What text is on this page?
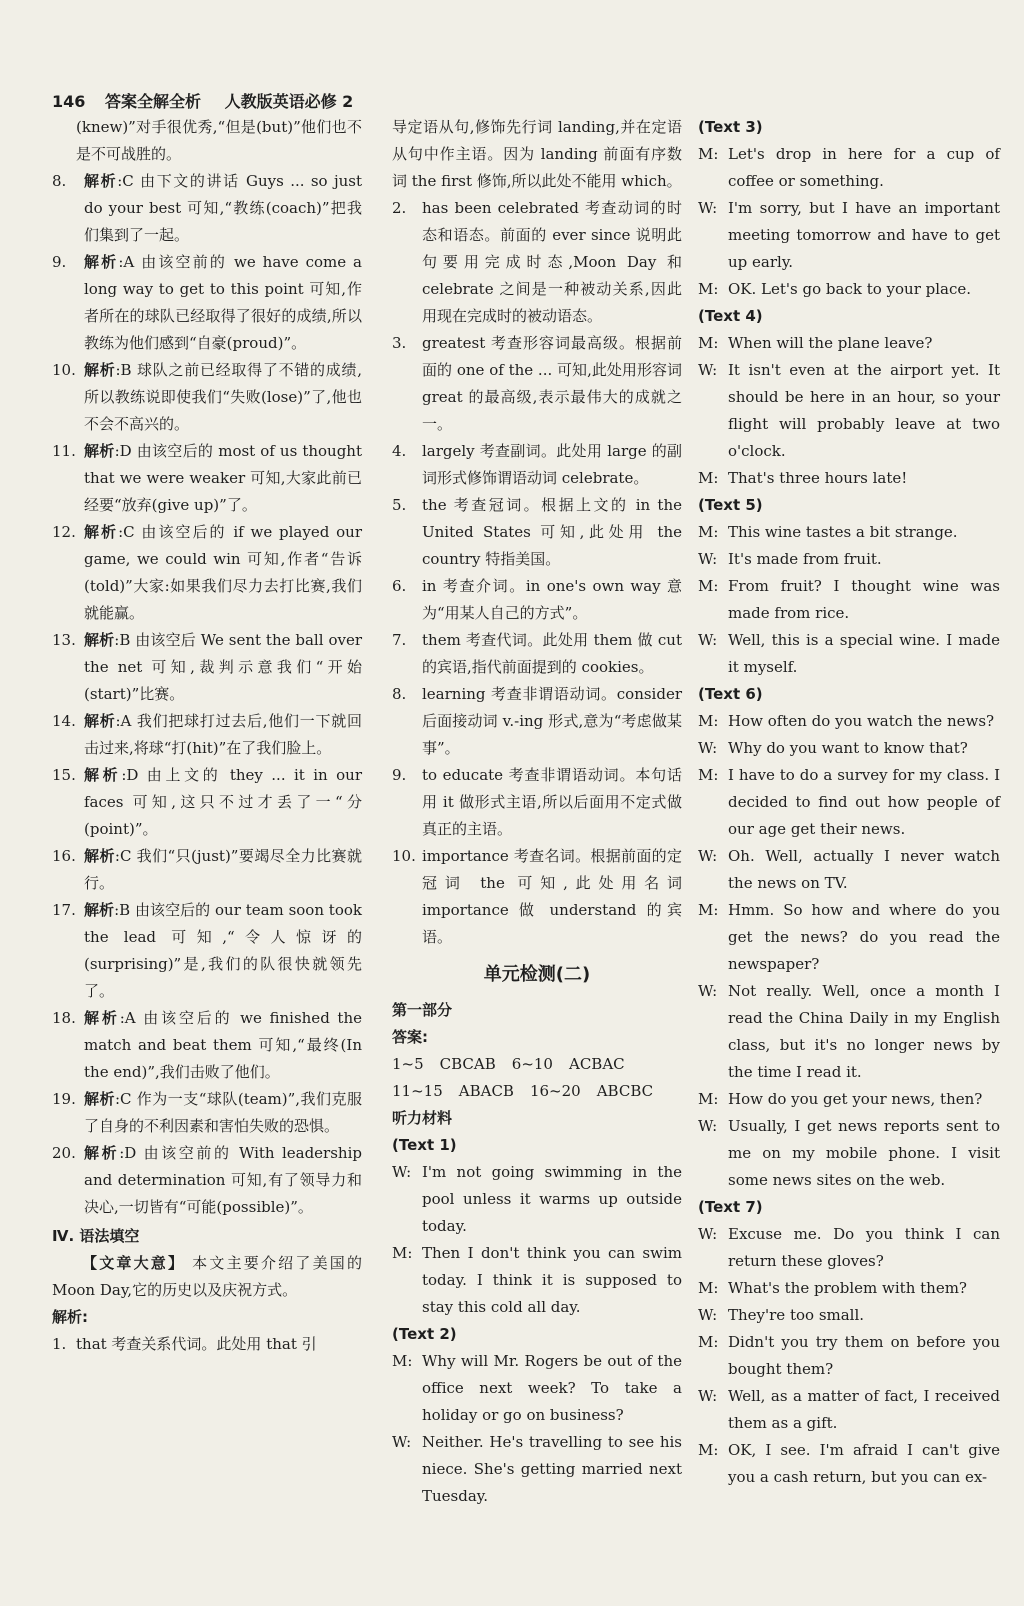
146 答案全解全析 人教版英语必修 2
(knew)”对手很优秀,“但是(but)”他们也不是不可战胜的。
8.	解析:C 由下文的讲话 Guys ... so just do your best 可知,“教练(coach)”把我们集到了一起。
9.	解析:A 由该空前的 we have come a long way to get to this point 可知,作者所在的球队已经取得了很好的成绩,所以教练为他们感到“自豪(proud)”。
10. 解析:B 球队之前已经取得了不错的成绩,所以教练说即使我们“失败(lose)”了,他也不会不高兴的。
11. 解析:D 由该空后的 most of us thought that we were weaker 可知,大家此前已经要“放弃(give up)”了。
12. 解析:C 由该空后的 if we played our game, we could win 可知,作者“告诉(told)”大家:如果我们尽力去打比赛,我们就能赢。
13. 解析:B 由该空后 We sent the ball over the net 可知,裁判示意我们“开始(start)”比赛。
14. 解析:A 我们把球打过去后,他们一下就回击过来,将球“打(hit)”在了我们脸上。
15. 解析:D 由上文的 they ... it in our faces 可知,这只不过才丢了一“分(point)”。
16. 解析:C 我们“只(just)”要竭尽全力比赛就行。
17. 解析:B 由该空后的 our team soon took the lead 可知,“令人惊讶的(surprising)”是,我们的队很快就领先了。
18. 解析:A 由该空后的 we finished the match and beat them 可知,“最终(In the end)”,我们击败了他们。
19. 解析:C 作为一支“球队(team)”,我们克服了自身的不利因素和害怕失败的恐惧。
20. 解析:D 由该空前的 With leadership and determination 可知,有了领导力和决心,一切皆有“可能(possible)”。
Ⅳ. 语法填空
【文章大意】 本文主要介绍了美国的 Moon Day,它的历史以及庆祝方式。
解析:
1. that 考查关系代词。此处用 that 引
导定语从句,修饰先行词 landing,并在定语从句中作主语。因为 landing 前面有序数词 the first 修饰,所以此处不能用 which。
2.	has been celebrated 考查动词的时态和语态。前面的 ever since 说明此句要用完成时态,Moon Day 和 celebrate 之间是一种被动关系,因此用现在完成时的被动语态。
3.	greatest 考查形容词最高级。根据前面的 one of the ... 可知,此处用形容词 great 的最高级,表示最伟大的成就之一。
4.	largely 考查副词。此处用 large 的副词形式修饰谓语动词 celebrate。
5.	the 考查冠词。根据上文的 in the United States 可知,此处用 the country 特指美国。
6.	in 考查介词。in one's own way 意为“用某人自己的方式”。
7.	them 考查代词。此处用 them 做 cut 的宾语,指代前面提到的 cookies。
8.	learning 考查非谓语动词。consider 后面接动词 v.-ing 形式,意为“考虑做某事”。
9.	to educate 考查非谓语动词。本句话用 it 做形式主语,所以后面用不定式做真正的主语。
10. importance 考查名词。根据前面的定冠词 the 可知,此处用名词 importance 做 understand 的宾语。
单元检测(二)
第一部分
答案:
1~5 CBCAB 6~10 ACBAC
11~15 ABACB 16~20 ABCBC
听力材料
(Text 1)
W: I'm not going swimming in the pool unless it warms up outside today.
M: Then I don't think you can swim today. I think it is supposed to stay this cold all day.
(Text 2)
M: Why will Mr. Rogers be out of the office next week? To take a holiday or go on business?
W: Neither. He's travelling to see his niece. She's getting married next Tuesday.
(Text 3)
M: Let's drop in here for a cup of coffee or something.
W: I'm sorry, but I have an important meeting tomorrow and have to get up early.
M: OK. Let's go back to your place.
(Text 4)
M: When will the plane leave?
W: It isn't even at the airport yet. It should be here in an hour, so your flight will probably leave at two o'clock.
M: That's three hours late!
(Text 5)
M: This wine tastes a bit strange.
W: It's made from fruit.
M: From fruit? I thought wine was made from rice.
W: Well, this is a special wine. I made it myself.
(Text 6)
M: How often do you watch the news?
W: Why do you want to know that?
M: I have to do a survey for my class. I decided to find out how people of our age get their news.
W: Oh. Well, actually I never watch the news on TV.
M: Hmm. So how and where do you get the news? do you read the newspaper?
W: Not really. Well, once a month I read the China Daily in my English class, but it's no longer news by the time I read it.
M: How do you get your news, then?
W: Usually, I get news reports sent to me on my mobile phone. I visit some news sites on the web.
(Text 7)
W: Excuse me. Do you think I can return these gloves?
M: What's the problem with them?
W: They're too small.
M: Didn't you try them on before you bought them?
W: Well, as a matter of fact, I received them as a gift.
M: OK, I see. I'm afraid I can't give you a cash return, but you can ex-
